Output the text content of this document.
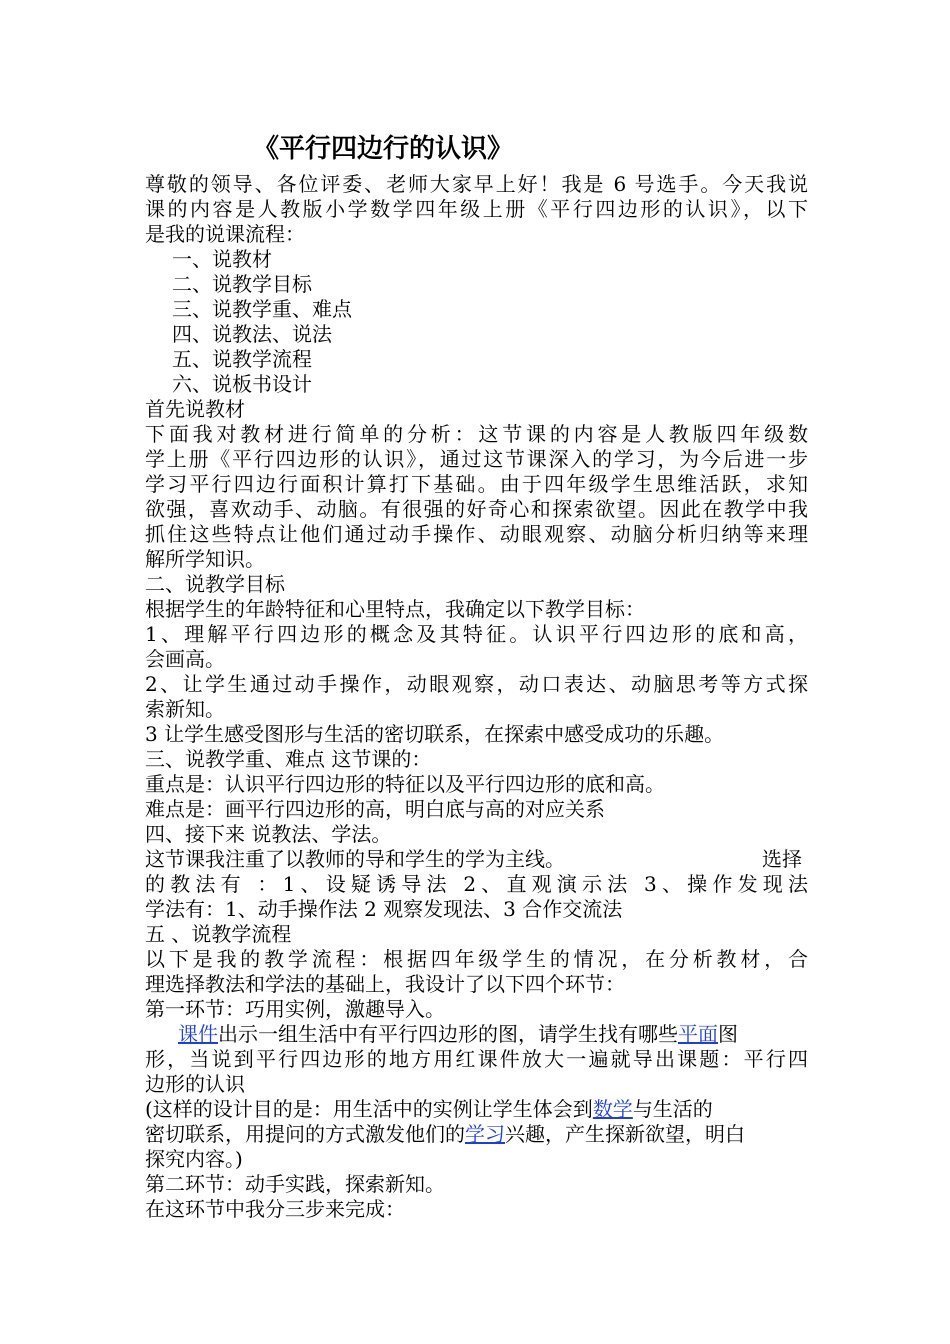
《平行四边行的认识》
尊敬的领导、各位评委、老师大家早上好！我是 6 号选手。今天我说
课的内容是人教版小学数学四年级上册《平行四边形的认识》，以下
是我的说课流程：
一、说教材
二、说教学目标
三、说教学重、难点
四、说教法、说法
五、说教学流程
六、说板书设计
首先说教材
下面我对教材进行简单的分析：这节课的内容是人教版四年级数
学上册《平行四边形的认识》，通过这节课深入的学习，为今后进一步
学习平行四边行面积计算打下基础。由于四年级学生思维活跃，求知
欲强，喜欢动手、动脑。有很强的好奇心和探索欲望。因此在教学中我
抓住这些特点让他们通过动手操作、动眼观察、动脑分析归纳等来理
解所学知识。
二、说教学目标
根据学生的年龄特征和心里特点，我确定以下教学目标：
1、理解平行四边形的概念及其特征。认识平行四边形的底和高，
会画高。
2、让学生通过动手操作，动眼观察，动口表达、动脑思考等方式探
索新知。
3 让学生感受图形与生活的密切联系，在探索中感受成功的乐趣。
三、说教学重、难点 这节课的：
重点是：认识平行四边形的特征以及平行四边形的底和高。
难点是：画平行四边形的高，明白底与高的对应关系
四、接下来 说教法、学法。
这节课我注重了以教师的导和学生的学为主线。	选择
的教法有 ：1、设疑诱导法 2、直观演示法 3、操作发现法
学法有：1、动手操作法 2 观察发现法、3 合作交流法
五 、说教学流程
以下是我的教学流程：根据四年级学生的情况，在分析教材，合
理选择教法和学法的基础上，我设计了以下四个环节：
第一环节：巧用实例，激趣导入。
课件出示一组生活中有平行四边形的图，请学生找有哪些平面图
形，当说到平行四边形的地方用红课件放大一遍就导出课题：平行四
边形的认识
(这样的设计目的是：用生活中的实例让学生体会到数学与生活的
密切联系，用提问的方式激发他们的学习兴趣，产生探新欲望，明白
探究内容。)
第二环节：动手实践，探索新知。
在这环节中我分三步来完成：
